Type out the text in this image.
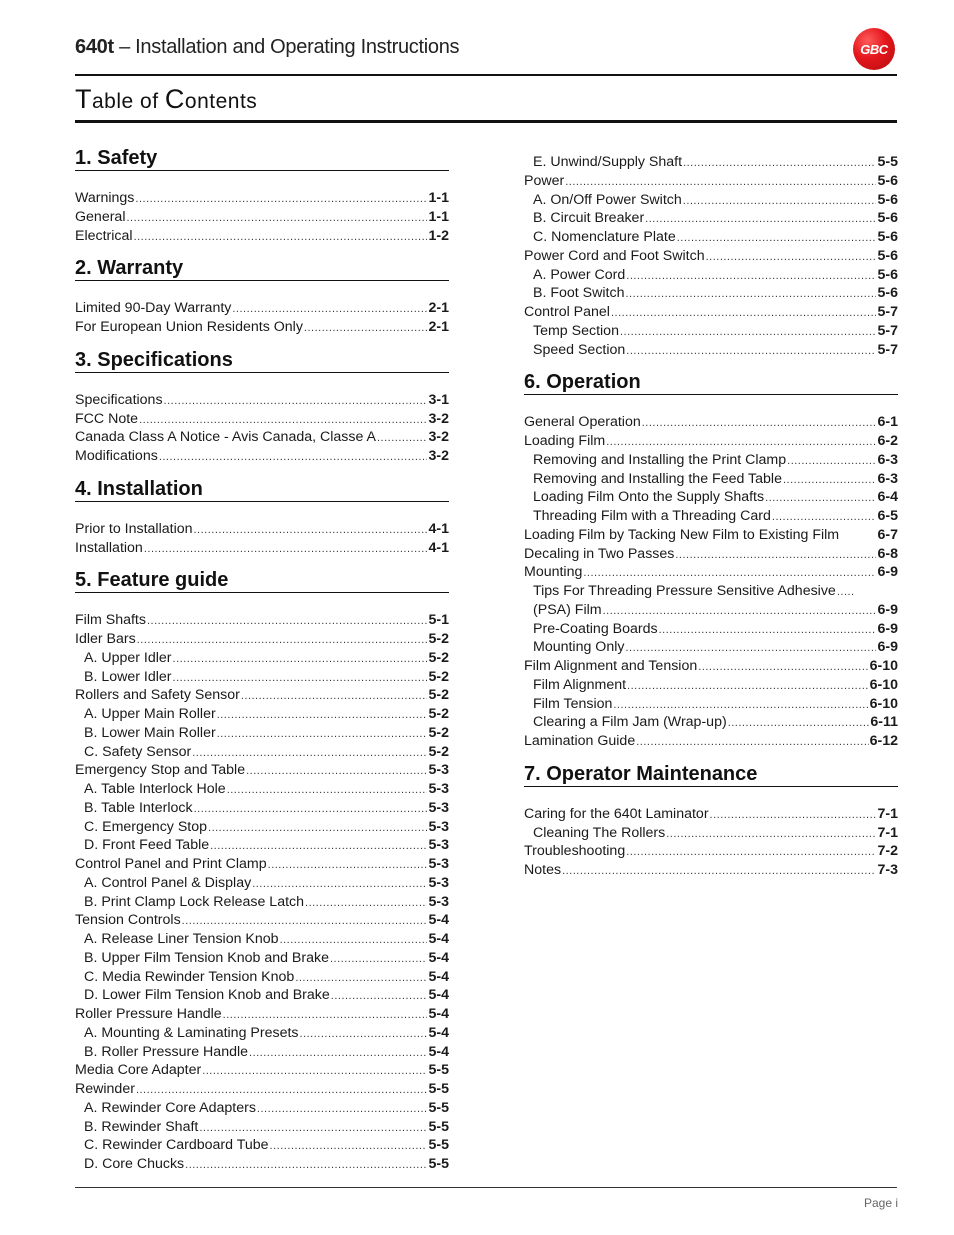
640t – Installation and Operating Instructions	GBC
Table of Contents
1. Safety
Warnings .....	1-1
General .....	1-1
Electrical .....	1-2
2. Warranty
Limited 90-Day Warranty .....	2-1
For European Union Residents Only .....	2-1
3. Specifications
Specifications .....	3-1
FCC Note .....	3-2
Canada Class A Notice - Avis Canada, Classe A .....	3-2
Modifications .....	3-2
4. Installation
Prior to Installation .....	4-1
Installation .....	4-1
5. Feature guide
Film Shafts .....	5-1
Idler Bars .....	5-2
A. Upper Idler .....	5-2
B. Lower Idler .....	5-2
Rollers and Safety Sensor .....	5-2
A. Upper Main Roller .....	5-2
B. Lower Main Roller .....	5-2
C. Safety Sensor .....	5-2
Emergency Stop and Table .....	5-3
A. Table Interlock Hole .....	5-3
B. Table Interlock .....	5-3
C. Emergency Stop .....	5-3
D. Front Feed Table .....	5-3
Control Panel and Print Clamp .....	5-3
A. Control Panel & Display .....	5-3
B. Print Clamp Lock Release Latch .....	5-3
Tension Controls .....	5-4
A. Release Liner Tension Knob .....	5-4
B. Upper Film Tension Knob and Brake .....	5-4
C. Media Rewinder Tension Knob .....	5-4
D. Lower Film Tension Knob and Brake .....	5-4
Roller Pressure Handle .....	5-4
A. Mounting & Laminating Presets .....	5-4
B. Roller Pressure Handle .....	5-4
Media Core Adapter .....	5-5
Rewinder .....	5-5
A. Rewinder Core Adapters .....	5-5
B. Rewinder Shaft .....	5-5
C. Rewinder Cardboard Tube .....	5-5
D. Core Chucks .....	5-5
E. Unwind/Supply Shaft .....	5-5
Power .....	5-6
A. On/Off Power Switch .....	5-6
B. Circuit Breaker .....	5-6
C. Nomenclature Plate .....	5-6
Power Cord and Foot Switch .....	5-6
A. Power Cord .....	5-6
B. Foot Switch .....	5-6
Control Panel .....	5-7
Temp Section .....	5-7
Speed Section .....	5-7
6. Operation
General Operation .....	6-1
Loading Film .....	6-2
Removing and Installing the Print Clamp .....	6-3
Removing and Installing the Feed Table .....	6-3
Loading Film Onto the Supply Shafts .....	6-4
Threading Film with a Threading Card .....	6-5
Loading Film by Tacking New Film to Existing Film	6-7
Decaling in Two Passes .....	6-8
Mounting .....	6-9
Tips For Threading Pressure Sensitive Adhesive
.....
(PSA) Film .....	6-9
Pre-Coating Boards .....	6-9
Mounting Only .....	6-9
Film Alignment and Tension .....	6-10
Film Alignment .....	6-10
Film Tension .....	6-10
Clearing a Film Jam (Wrap-up) .....	6-11
Lamination Guide .....	6-12
7. Operator Maintenance
Caring for the 640t Laminator .....	7-1
Cleaning The Rollers .....	7-1
Troubleshooting .....	7-2
Notes .....	7-3
Page i
